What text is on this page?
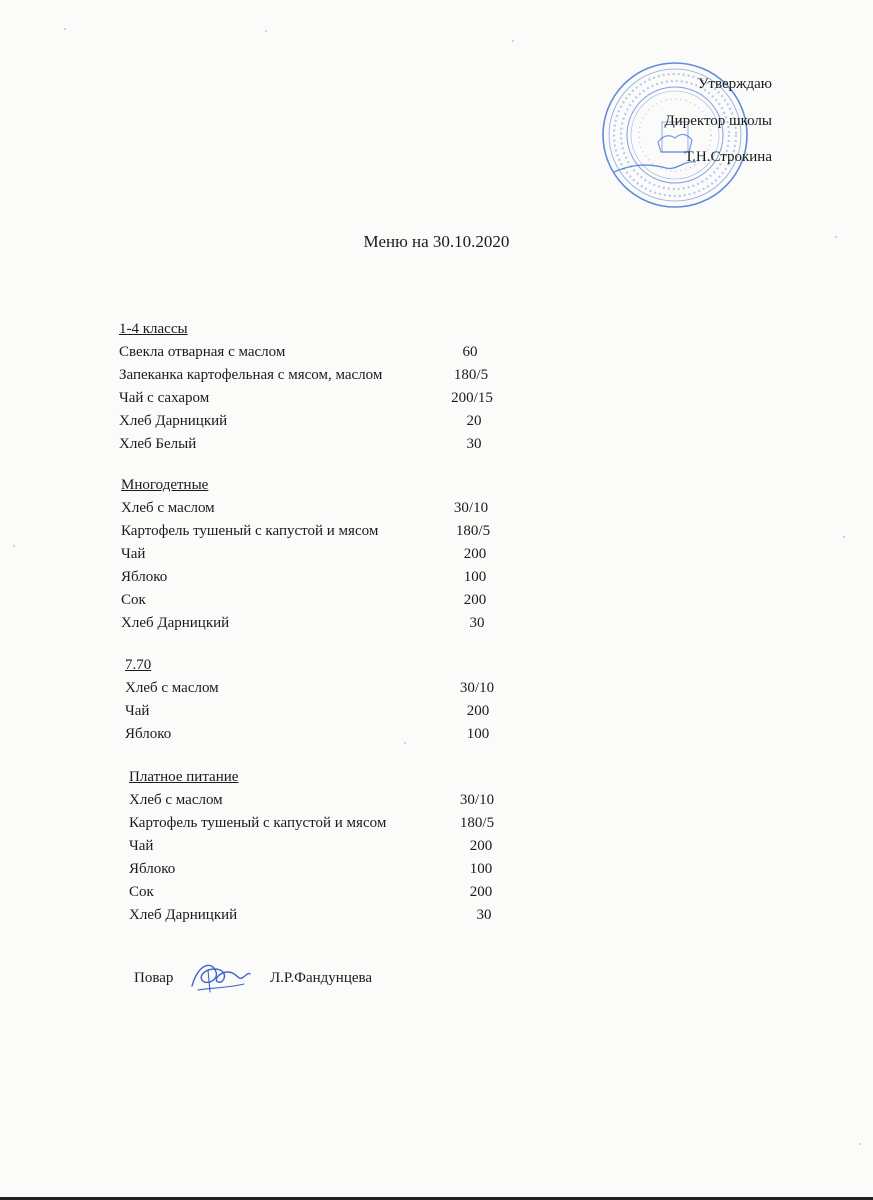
Утверждаю
Директор школы
Т.Н.Строкина
Меню на 30.10.2020
1-4 классы
Свекла отварная с маслом	60
Запеканка картофельная с мясом, маслом	180/5
Чай с сахаром	200/15
Хлеб Дарницкий	20
Хлеб Белый	30
Многодетные
Хлеб с маслом	30/10
Картофель тушеный с капустой и мясом	180/5
Чай	200
Яблоко	100
Сок	200
Хлеб Дарницкий	30
7.70
Хлеб с маслом	30/10
Чай	200
Яблоко	100
Платное питание
Хлеб с маслом	30/10
Картофель тушеный с капустой и мясом	180/5
Чай	200
Яблоко	100
Сок	200
Хлеб Дарницкий	30
Повар	Л.Р.Фандунцева
